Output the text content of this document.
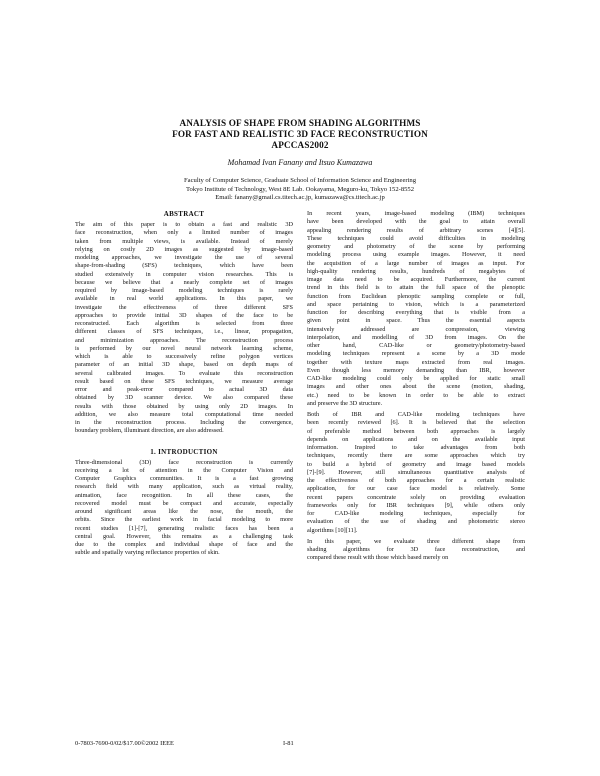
ANALYSIS OF SHAPE FROM SHADING ALGORITHMS
FOR FAST AND REALISTIC 3D FACE RECONSTRUCTION
APCCAS2002
Mohamad Ivan Fanany and Itsuo Kumazawa
Faculty of Computer Science, Graduate School of Information Science and Engineering
Tokyo Institute of Technology, West 8E Lab. Ookayama, Meguro-ku, Tokyo 152-8552
Email: fanany@gmail.cs.titech.ac.jp, kumazawa@cs.titech.ac.jp
ABSTRACT
The aim of this paper is to obtain a fast and realistic 3D
face reconstruction, when only a limited number of images
taken from multiple views, is available. Instead of merely
relying on costly 2D images as suggested by image-based
modeling approaches, we investigate the use of several
shape-from-shading (SFS) techniques, which have been
studied extensively in computer vision researches. This is
because we believe that a nearly complete set of images
required by image-based modeling techniques is rarely
available in real world applications. In this paper, we
investigate the effectiveness of three different SFS
approaches to provide initial 3D shapes of the face to be
reconstructed. Each algorithm is selected from three
different classes of SFS techniques, i.e., linear, propagation,
and minimization approaches. The reconstruction process
is performed by our novel neural network learning scheme,
which is able to successively refine polygon vertices
parameter of an initial 3D shape, based on depth maps of
several calibrated images. To evaluate this reconstruction
result based on these SFS techniques, we measure average
error and peak-error compared to actual 3D data
obtained by 3D scanner device. We also compared these
results with those obtained by using only 2D images. In
addition, we also measure total computational time needed
in the reconstruction process. Including the convergence,
boundary problem, illuminant direction, are also addressed.
1. INTRODUCTION
Three-dimensional (3D) face reconstruction is currently
receiving a lot of attention in the Computer Vision and
Computer Graphics communities. It is a fast growing
research field with many application, such as virtual reality,
animation, face recognition. In all these cases, the
recovered model must be compact and accurate, especially
around significant areas like the nose, the mouth, the
orbits. Since the earliest work in facial modeling to more
recent studies [1]-[7], generating realistic faces has been a
central goal. However, this remains as a challenging task
due to the complex and individual shape of face and the
subtle and spatially varying reflectance properties of skin.
In recent years, image-based modeling (IBM) techniques
have been developed with the goal to attain overall
appealing rendering results of arbitrary scenes [4][5].
These techniques could avoid difficulties in modeling
geometry and photometry of the scene by performing
modeling process using example images. However, it need
the acquisition of a large number of images as input. For
high-quality rendering results, hundreds of megabytes of
image data need to be acquired. Furthermore, the current
trend in this field is to attain the full space of the plenoptic
function from Euclidean plenoptic sampling complete or full,
and space pertaining to vision, which is a parameterized
function for describing everything that is visible from a
given point in space. Thus the essential aspects
intensively addressed are compression, viewing
interpolation, and modelling of 3D from images. On the
other hand, CAD-like or geometry/photometry-based
modeling techniques represent a scene by a 3D mode
together with texture maps extracted from real images.
Even though less memory demanding than IBR, however
CAD-like modeling could only be applied for static small
images and other ones about the scene (motion, shading,
etc.) need to be known in order to be able to extract
and preserve the 3D structure.
Both of IBR and CAD-like modeling techniques have
been recently reviewed [6]. It is believed that the selection
of preferable method between both approaches is largely
depends on applications and on the available input
information. Inspired to take advantages from both
techniques, recently there are some approaches which try
to build a hybrid of geometry and image based models
[7]-[9]. However, still simultaneous quantitative analysis of
the effectiveness of both approaches for a certain realistic
application, for our case face model is relatively. Some
recent papers concentrate solely on providing evaluation
frameworks only for IBR techniques [9], while others only
for CAD-like modeling techniques, especially for
evaluation of the use of shading and photometric stereo
algorithms [10][11].
In this paper, we evaluate three different shape from
shading algorithms for 3D face reconstruction, and
compared these result with those which based merely on
0-7803-7690-0/02/$17.00©2002 IEEE	I-81
